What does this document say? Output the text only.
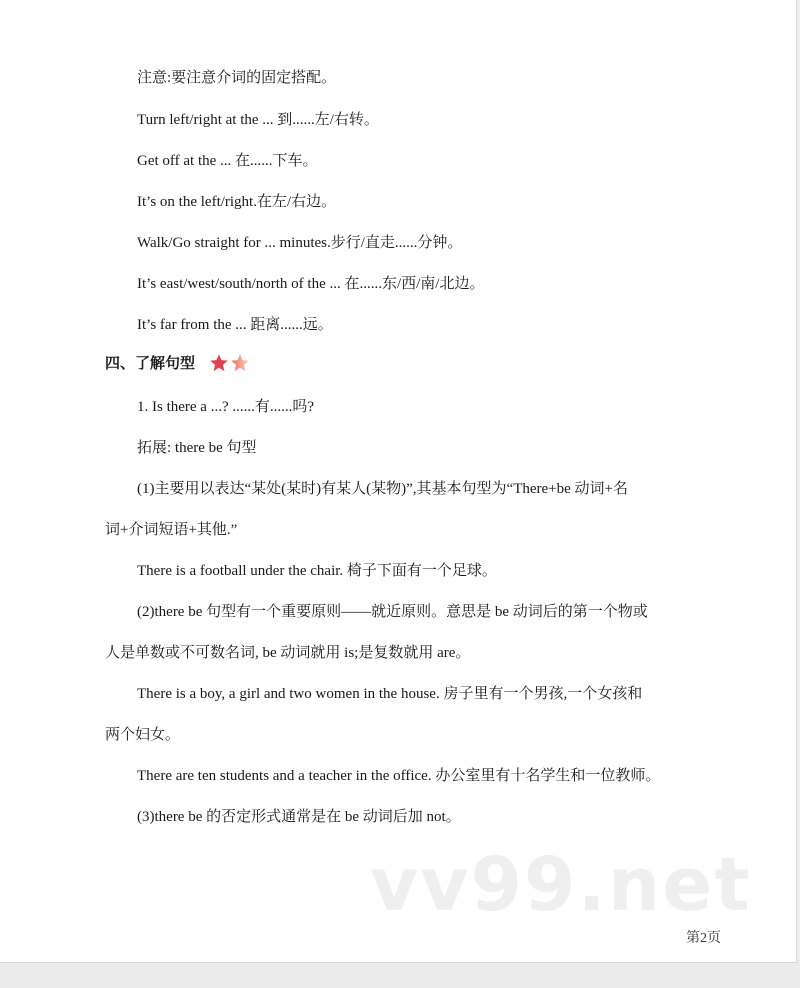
注意:要注意介词的固定搭配。
Turn left/right at the ... 到......左/右转。
Get off at the ... 在......下车。
It’s on the left/right.在左/右边。
Walk/Go straight for ... minutes.步行/直走......分钟。
It’s east/west/south/north of the ... 在......东/西/南/北边。
It’s far from the ... 距离......远。
四、了解句型
1. Is there a ...? ......有......吗?
拓展: there be 句型
(1)主要用以表达“某处(某时)有某人(某物)”,其基本句型为“There+be 动词+名
词+介词短语+其他.”
There is a football under the chair. 椅子下面有一个足球。
(2)there be 句型有一个重要原则——就近原则。意思是 be 动词后的第一个物或
人是单数或不可数名词, be 动词就用 is;是复数就用 are。
There is a boy, a girl and two women in the house. 房子里有一个男孩,一个女孩和
两个妇女。
There are ten students and a teacher in the office. 办公室里有十名学生和一位教师。
(3)there be 的否定形式通常是在 be 动词后加 not。
vv99.net
第2页
